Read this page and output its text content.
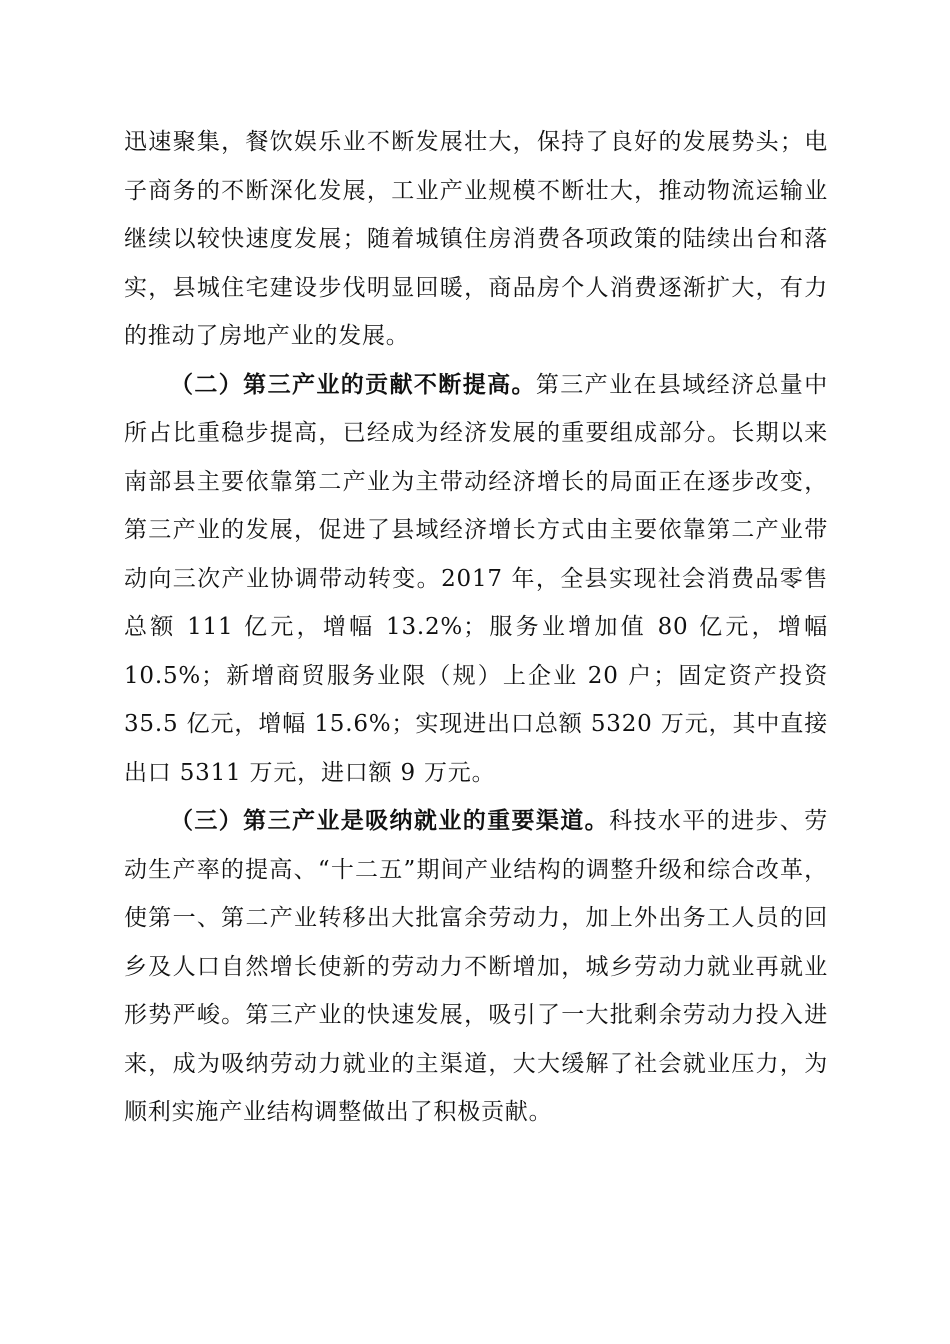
迅速聚集，餐饮娱乐业不断发展壮大，保持了良好的发展势头；电子商务的不断深化发展，工业产业规模不断壮大，推动物流运输业继续以较快速度发展；随着城镇住房消费各项政策的陆续出台和落实，县城住宅建设步伐明显回暖，商品房个人消费逐渐扩大，有力的推动了房地产业的发展。

（二）第三产业的贡献不断提高。第三产业在县域经济总量中所占比重稳步提高，已经成为经济发展的重要组成部分。长期以来南部县主要依靠第二产业为主带动经济增长的局面正在逐步改变，第三产业的发展，促进了县域经济增长方式由主要依靠第二产业带动向三次产业协调带动转变。2017 年，全县实现社会消费品零售总额 111 亿元，增幅 13.2%；服务业增加值 80 亿元，增幅 10.5%；新增商贸服务业限（规）上企业 20 户；固定资产投资 35.5 亿元，增幅 15.6%；实现进出口总额 5320 万元，其中直接出口 5311 万元，进口额 9 万元。

（三）第三产业是吸纳就业的重要渠道。科技水平的进步、劳动生产率的提高、“十二五”期间产业结构的调整升级和综合改革，使第一、第二产业转移出大批富余劳动力，加上外出务工人员的回乡及人口自然增长使新的劳动力不断增加，城乡劳动力就业再就业形势严峻。第三产业的快速发展，吸引了一大批剩余劳动力投入进来，成为吸纳劳动力就业的主渠道，大大缓解了社会就业压力，为顺利实施产业结构调整做出了积极贡献。
